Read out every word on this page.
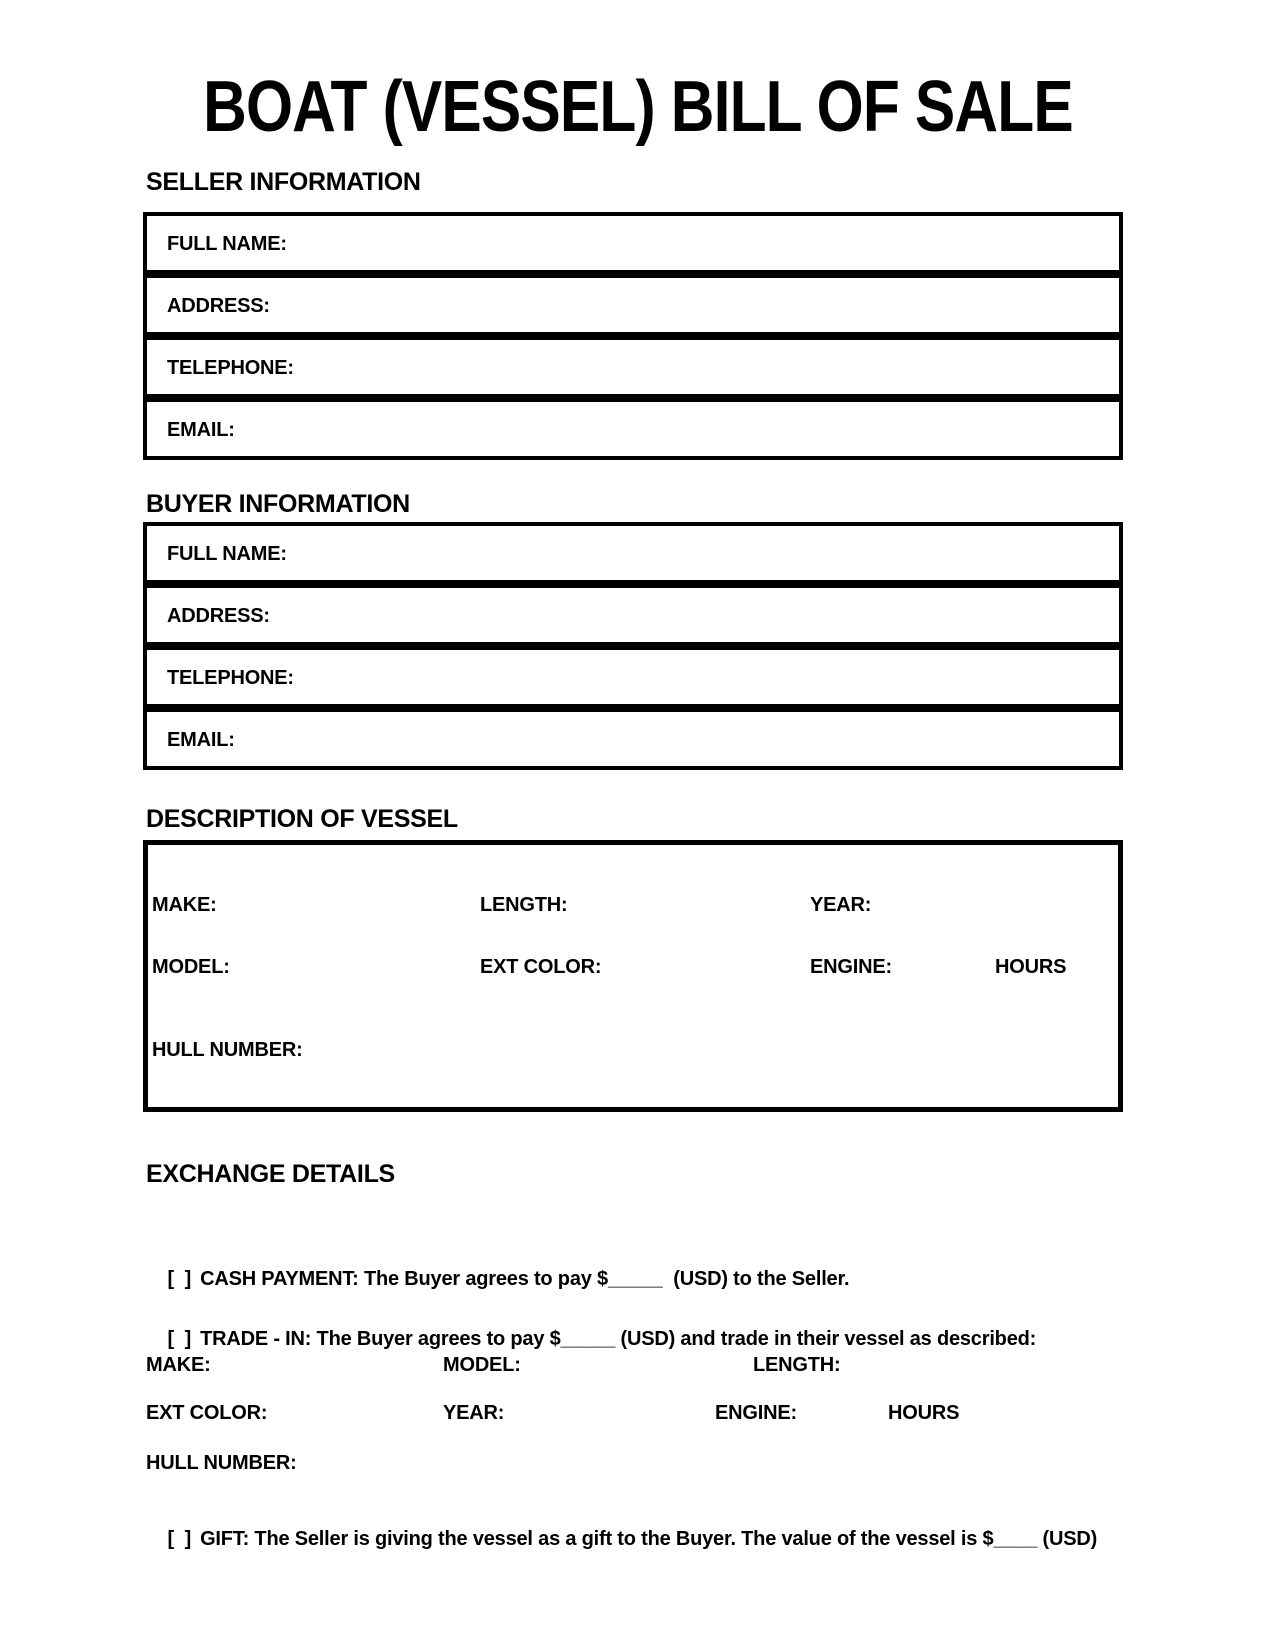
BOAT (VESSEL) BILL OF SALE
SELLER INFORMATION
FULL NAME:
ADDRESS:
TELEPHONE:
EMAIL:
BUYER INFORMATION
FULL NAME:
ADDRESS:
TELEPHONE:
EMAIL:
DESCRIPTION OF VESSEL
MAKE:	LENGTH:	YEAR:
MODEL:	EXT COLOR:	ENGINE:	HOURS
HULL NUMBER:
EXCHANGE DETAILS

[  ] CASH PAYMENT: The Buyer agrees to pay $_____  (USD) to the Seller.

[  ] TRADE - IN: The Buyer agrees to pay $_____ (USD) and trade in their vessel as described:

MAKE:	MODEL:	LENGTH:
EXT COLOR:	YEAR:	ENGINE:	HOURS
HULL NUMBER:

[  ] GIFT: The Seller is giving the vessel as a gift to the Buyer. The value of the vessel is $____ (USD)
